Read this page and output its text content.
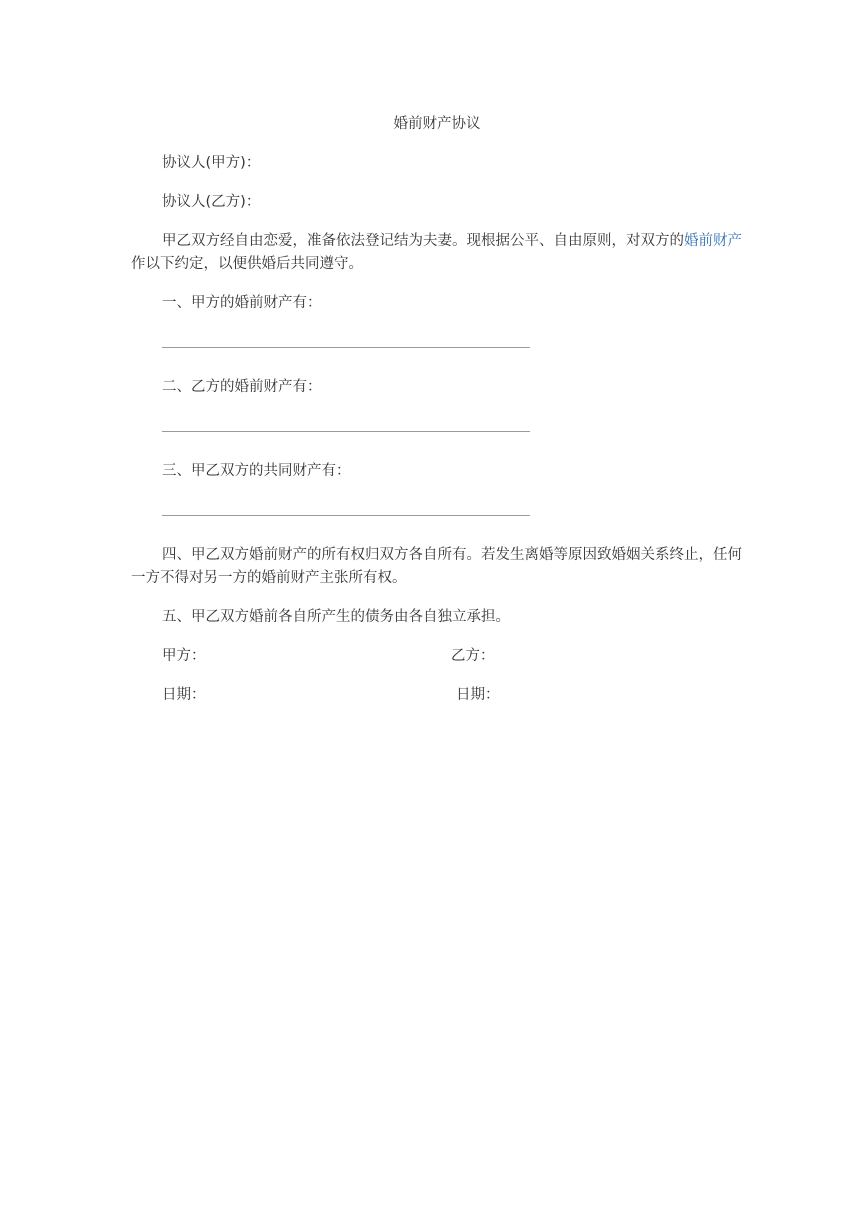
婚前财产协议
协议人(甲方)：
协议人(乙方)：
甲乙双方经自由恋爱，准备依法登记结为夫妻。现根据公平、自由原则，对双方的婚前财产作以下约定，以便供婚后共同遵守。
一、甲方的婚前财产有：
二、乙方的婚前财产有：
三、甲乙双方的共同财产有：
四、甲乙双方婚前财产的所有权归双方各自所有。若发生离婚等原因致婚姻关系终止，任何一方不得对另一方的婚前财产主张所有权。
五、甲乙双方婚前各自所产生的债务由各自独立承担。
甲方：	乙方：
日期：	日期：
